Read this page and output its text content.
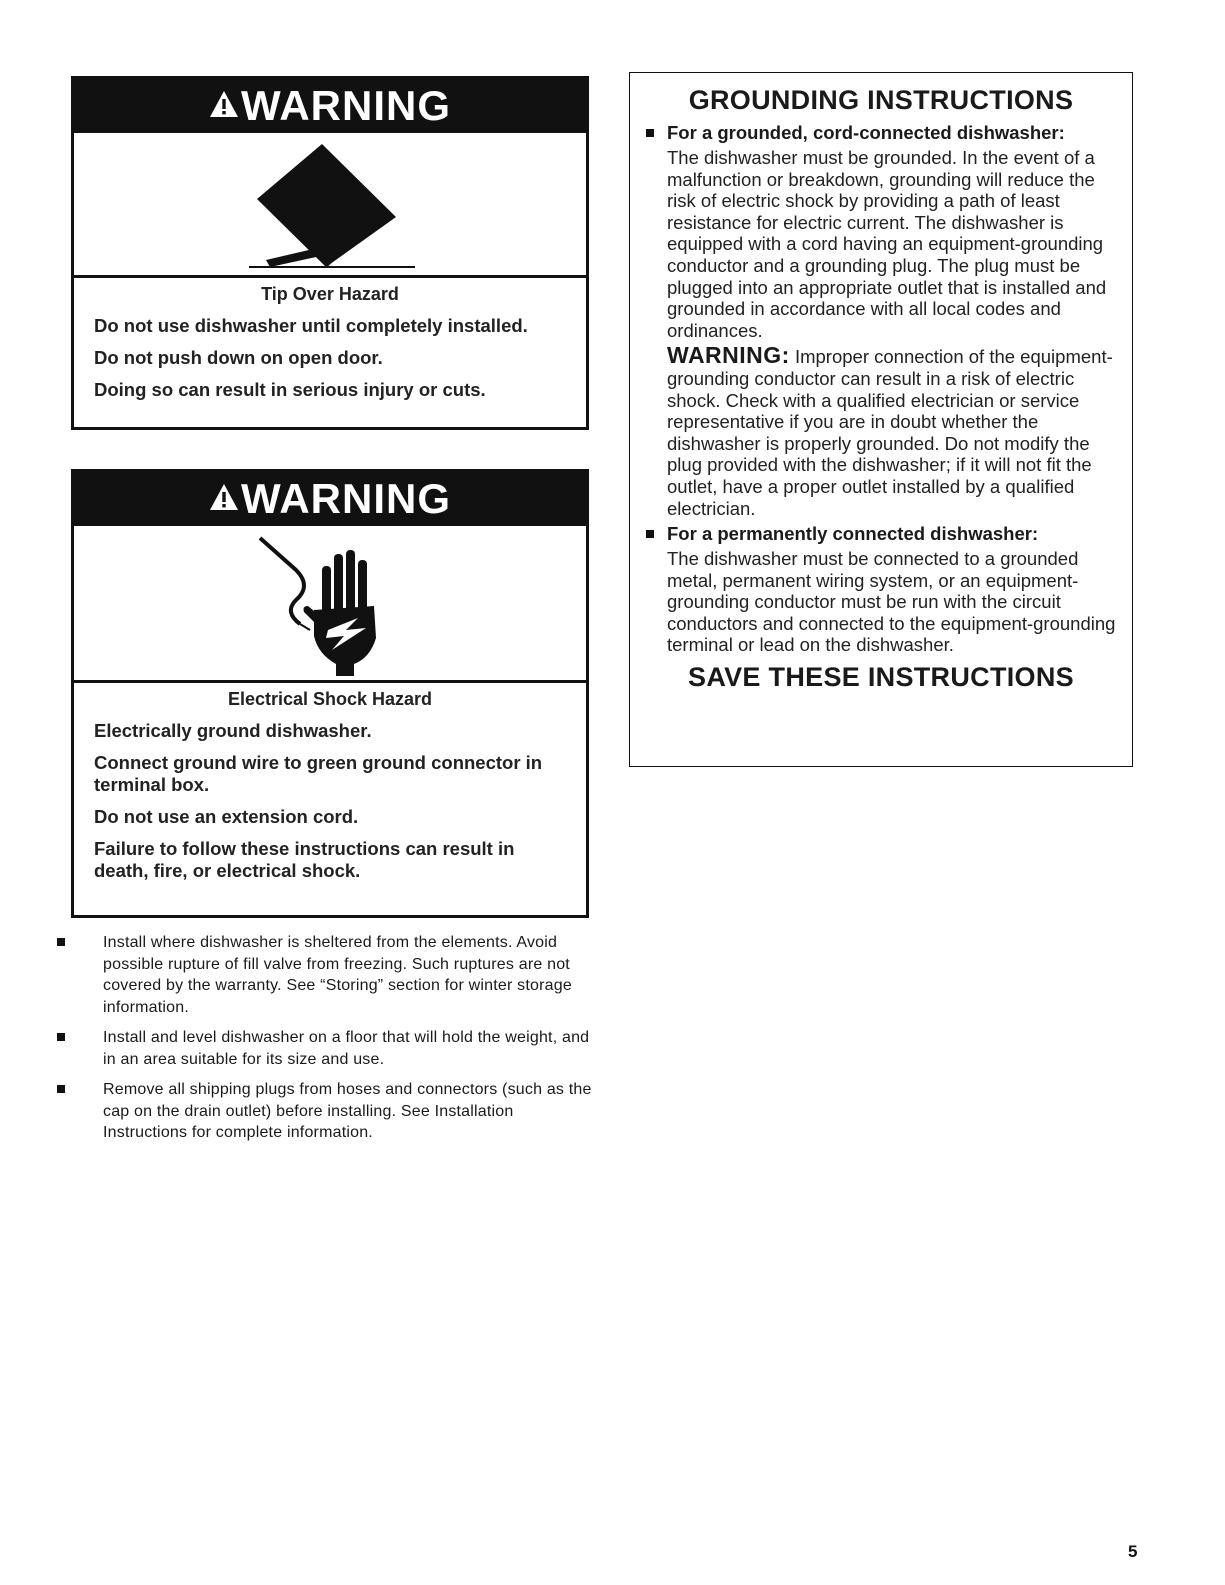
WARNING

Tip Over Hazard

Do not use dishwasher until completely installed.

Do not push down on open door.

Doing so can result in serious injury or cuts.

WARNING

Electrical Shock Hazard

Electrically ground dishwasher.

Connect ground wire to green ground connector in terminal box.

Do not use an extension cord.

Failure to follow these instructions can result in death, fire, or electrical shock.

Install where dishwasher is sheltered from the elements. Avoid possible rupture of fill valve from freezing. Such ruptures are not covered by the warranty. See “Storing” section for winter storage information.
Install and level dishwasher on a floor that will hold the weight, and in an area suitable for its size and use.
Remove all shipping plugs from hoses and connectors (such as the cap on the drain outlet) before installing. See Installation Instructions for complete information.

GROUNDING INSTRUCTIONS

For a grounded, cord-connected dishwasher:

The dishwasher must be grounded. In the event of a malfunction or breakdown, grounding will reduce the risk of electric shock by providing a path of least resistance for electric current. The dishwasher is equipped with a cord having an equipment-grounding conductor and a grounding plug. The plug must be plugged into an appropriate outlet that is installed and grounded in accordance with all local codes and ordinances.

WARNING: Improper connection of the equipment-grounding conductor can result in a risk of electric shock. Check with a qualified electrician or service representative if you are in doubt whether the dishwasher is properly grounded. Do not modify the plug provided with the dishwasher; if it will not fit the outlet, have a proper outlet installed by a qualified electrician.

For a permanently connected dishwasher:

The dishwasher must be connected to a grounded metal, permanent wiring system, or an equipment-grounding conductor must be run with the circuit conductors and connected to the equipment-grounding terminal or lead on the dishwasher.

SAVE THESE INSTRUCTIONS

5
